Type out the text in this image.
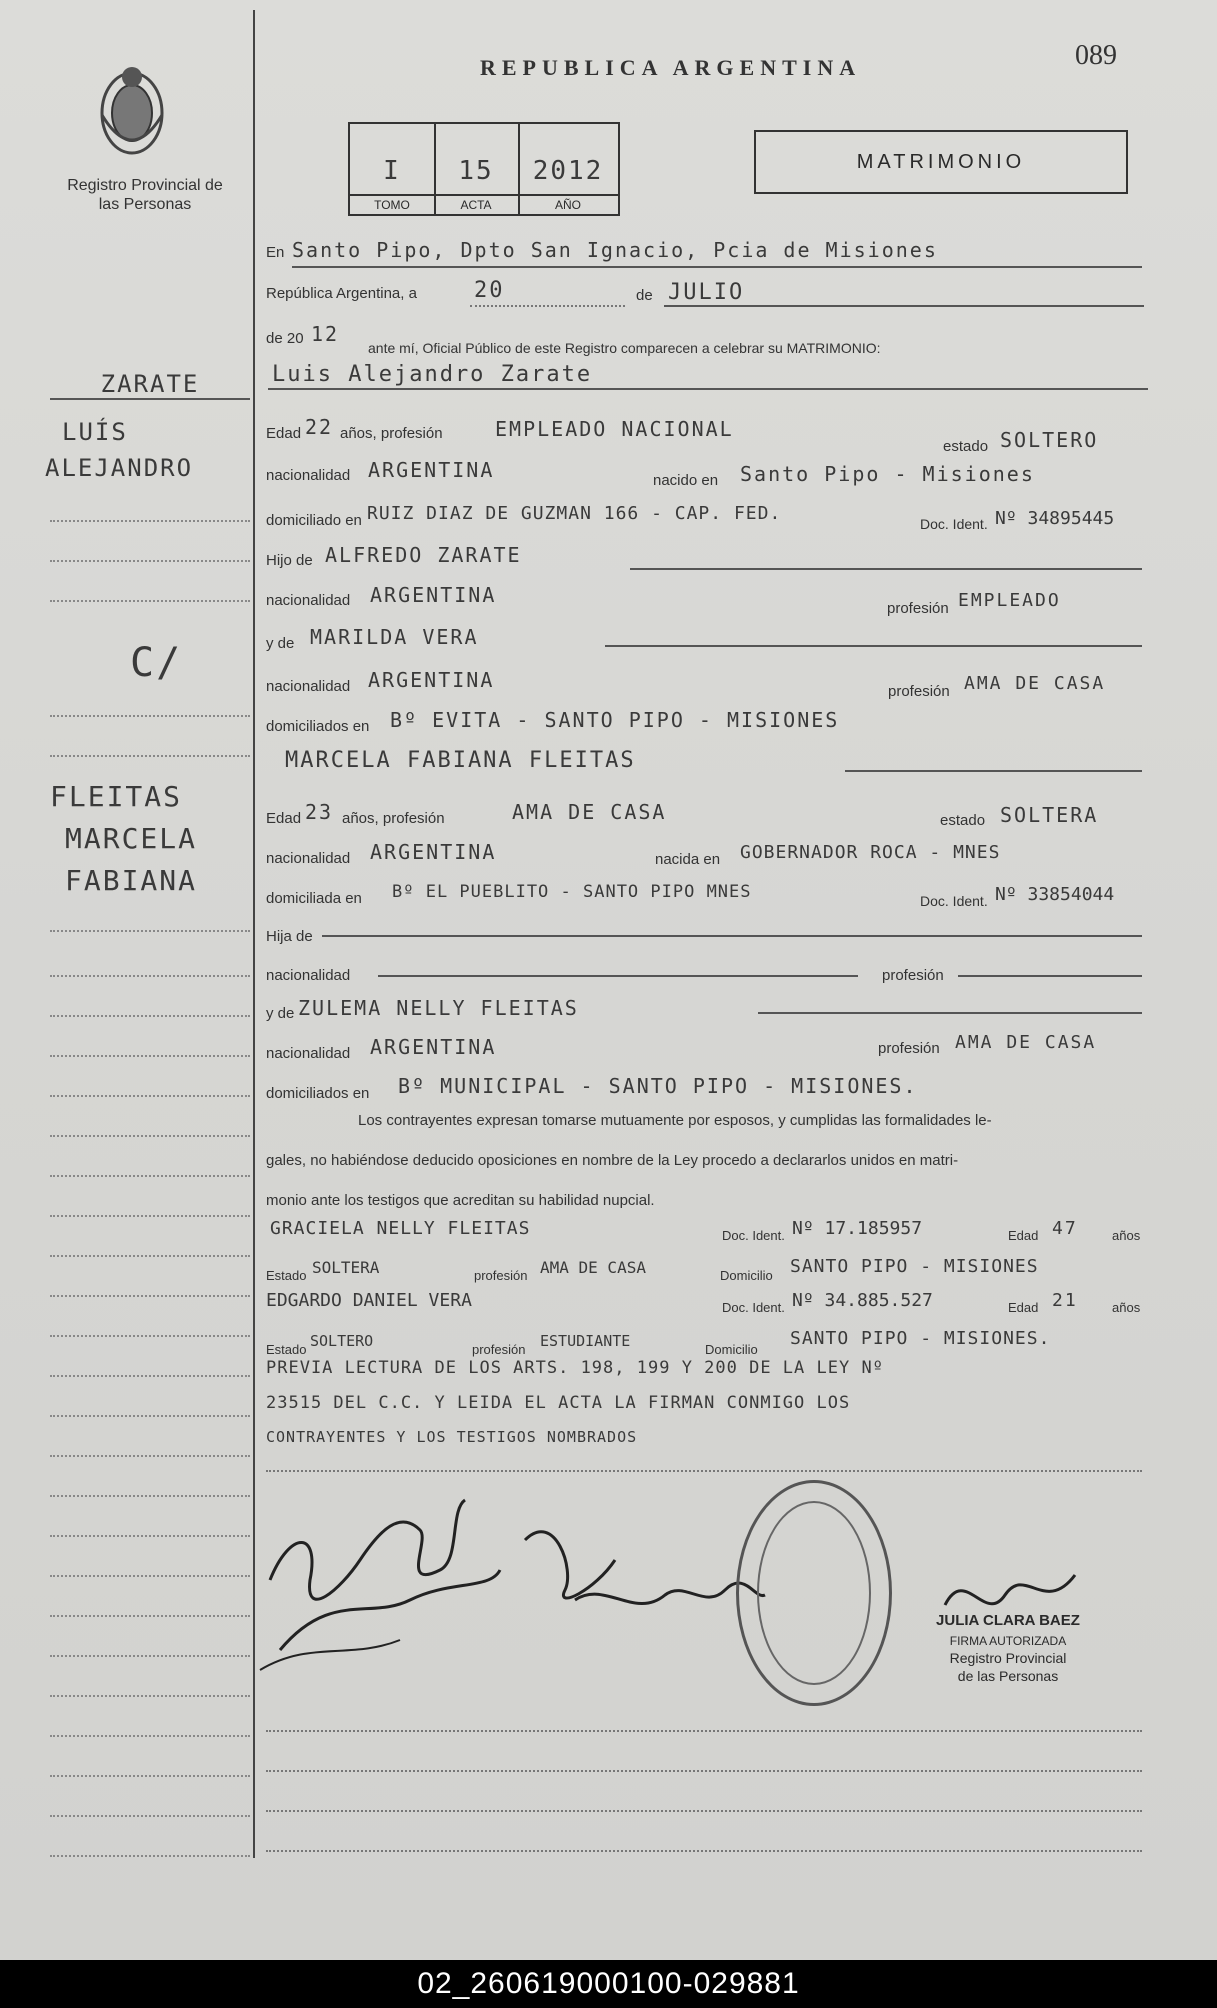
Registro Provincial de las Personas
REPUBLICA ARGENTINA	089
I
TOMO
15
ACTA
2012
AÑO
MATRIMONIO
ZARATE
LUÍS
ALEJANDRO
C/
FLEITAS
MARCELA
FABIANA
En Santo Pipo, Dpto San Ignacio, Pcia de Misiones
República Argentina, a	20	de JULIO
de 20 12
ante mí, Oficial Público de este Registro comparecen a celebrar su MATRIMONIO:
Luis Alejandro Zarate
Edad 22 años, profesión	EMPLEADO NACIONAL
estado SOLTERO
nacionalidad ARGENTINA	nacido en Santo Pipo - Misiones
domiciliado en RUIZ DIAZ DE GUZMAN 166 - CAP. FED.	Doc. Ident. Nº 34895445
Hijo de ALFREDO ZARATE
nacionalidad ARGENTINA
profesión EMPLEADO
y de MARILDA VERA
nacionalidad ARGENTINA	profesión AMA DE CASA
domiciliados en Bº EVITA - SANTO PIPO - MISIONES
MARCELA FABIANA FLEITAS
Edad 23 años, profesión	AMA DE CASA	estado SOLTERA
nacionalidad ARGENTINA	nacida en GOBERNADOR ROCA - MNES
domiciliada en Bº EL PUEBLITO - SANTO PIPO MNES	Doc. Ident. Nº 33854044
Hija de
nacionalidad	profesión
y de ZULEMA NELLY FLEITAS
nacionalidad ARGENTINA	profesión AMA DE CASA
domiciliados en Bº MUNICIPAL - SANTO PIPO - MISIONES.
Los contrayentes expresan tomarse mutuamente por esposos, y cumplidas las formalidades le-
gales, no habiéndose deducido oposiciones en nombre de la Ley procedo a declararlos unidos en matri-
monio ante los testigos que acreditan su habilidad nupcial.
GRACIELA NELLY FLEITAS	Doc. Ident. Nº 17.185957	Edad 47	años
Estado SOLTERA	profesión AMA DE CASA	Domicilio SANTO PIPO - MISIONES
EDGARDO DANIEL VERA	Doc. Ident. Nº 34.885.527	Edad 21	años
Estado SOLTERO	profesión ESTUDIANTE	Domicilio
SANTO PIPO - MISIONES.
PREVIA LECTURA DE LOS ARTS. 198, 199 Y 200 DE LA LEY Nº
23515 DEL C.C. Y LEIDA EL ACTA LA FIRMAN CONMIGO LOS
CONTRAYENTES Y LOS TESTIGOS NOMBRADOS
JULIA CLARA BAEZ
FIRMA AUTORIZADA
Registro Provincial
de las Personas
02_260619000100-029881
